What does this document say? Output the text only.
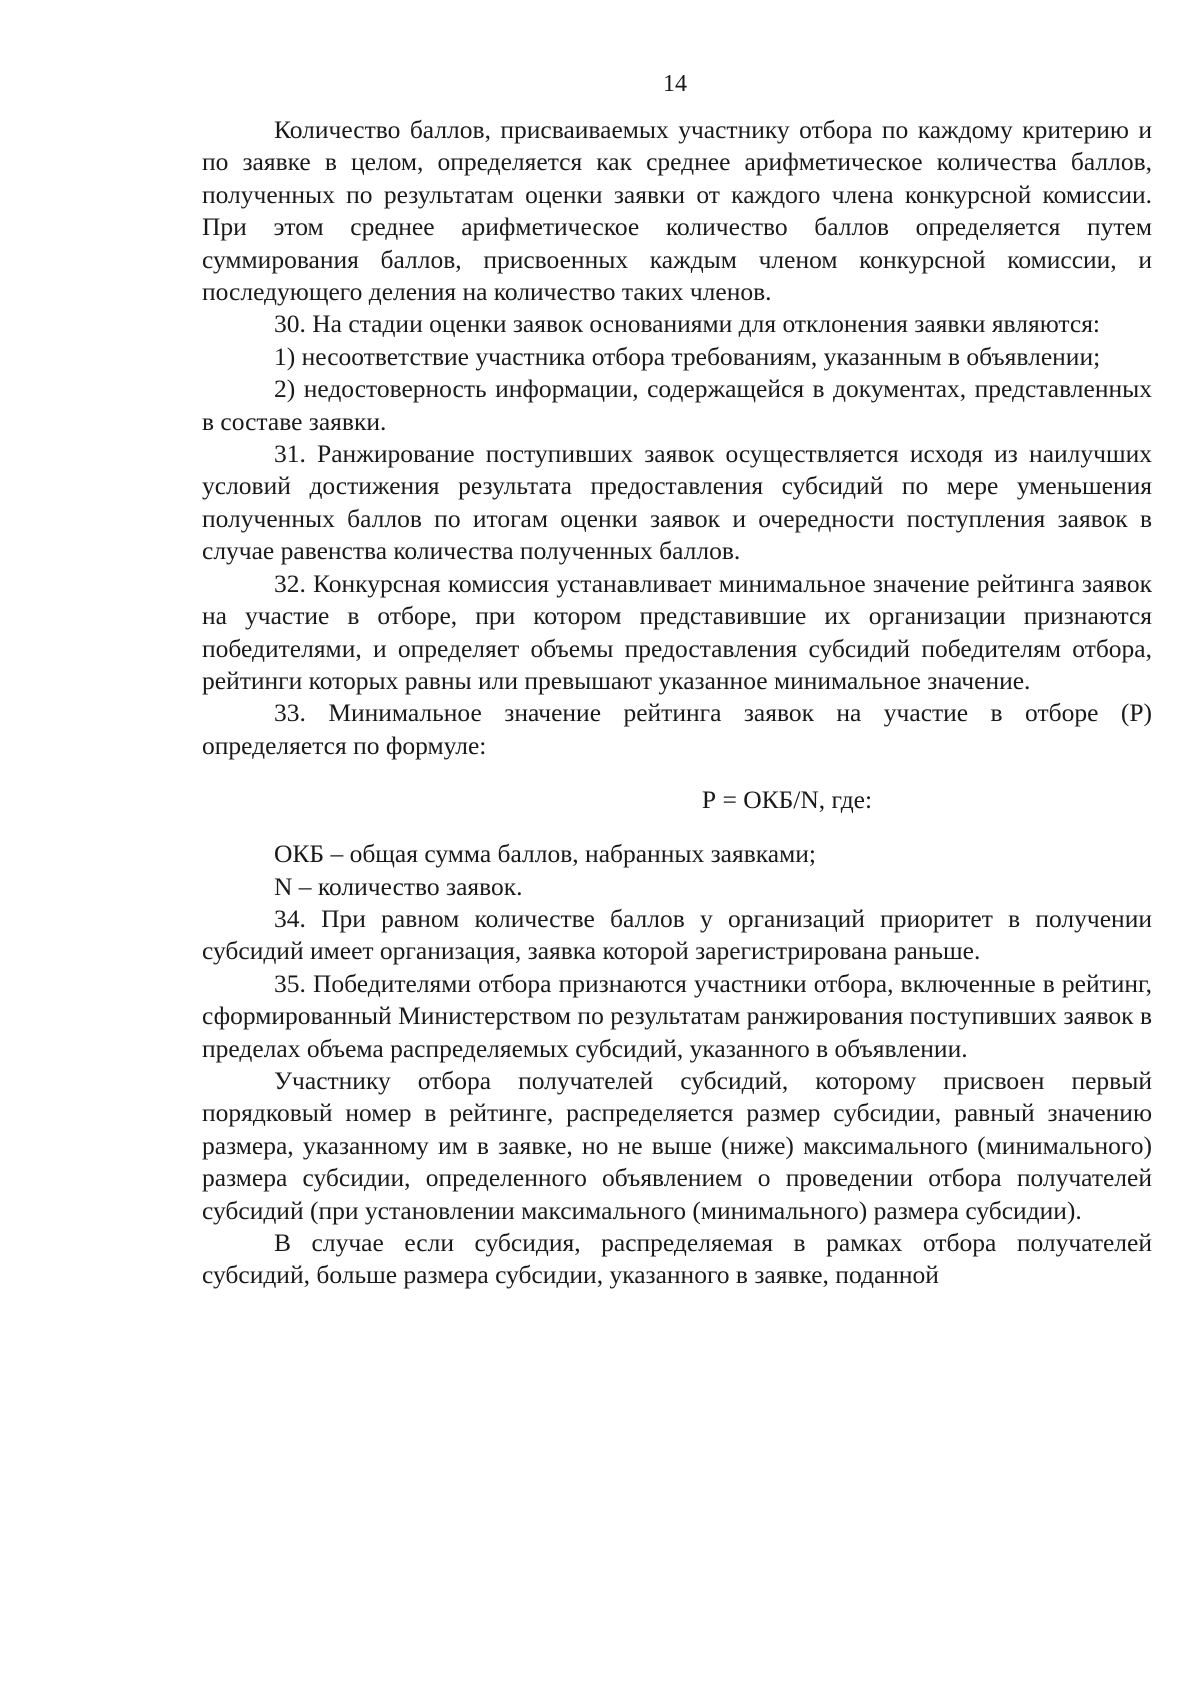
14

Количество баллов, присваиваемых участнику отбора по каждому критерию и по заявке в целом, определяется как среднее арифметическое количества баллов, полученных по результатам оценки заявки от каждого члена конкурсной комиссии. При этом среднее арифметическое количество баллов определяется путем суммирования баллов, присвоенных каждым членом конкурсной комиссии, и последующего деления на количество таких членов.

30. На стадии оценки заявок основаниями для отклонения заявки являются:

1) несоответствие участника отбора требованиям, указанным в объявлении;

2) недостоверность информации, содержащейся в документах, представленных в составе заявки.

31. Ранжирование поступивших заявок осуществляется исходя из наилучших условий достижения результата предоставления субсидий по мере уменьшения полученных баллов по итогам оценки заявок и очередности поступления заявок в случае равенства количества полученных баллов.

32. Конкурсная комиссия устанавливает минимальное значение рейтинга заявок на участие в отборе, при котором представившие их организации признаются победителями, и определяет объемы предоставления субсидий победителям отбора, рейтинги которых равны или превышают указанное минимальное значение.

33. Минимальное значение рейтинга заявок на участие в отборе (Р) определяется по формуле:

Р = ОКБ/N, где:

ОКБ – общая сумма баллов, набранных заявками;

N – количество заявок.

34. При равном количестве баллов у организаций приоритет в получении субсидий имеет организация, заявка которой зарегистрирована раньше.

35. Победителями отбора признаются участники отбора, включенные в рейтинг, сформированный Министерством по результатам ранжирования поступивших заявок в пределах объема распределяемых субсидий, указанного в объявлении.

Участнику отбора получателей субсидий, которому присвоен первый порядковый номер в рейтинге, распределяется размер субсидии, равный значению размера, указанному им в заявке, но не выше (ниже) максимального (минимального) размера субсидии, определенного объявлением о проведении отбора получателей субсидий (при установлении максимального (минимального) размера субсидии).

В случае если субсидия, распределяемая в рамках отбора получателей субсидий, больше размера субсидии, указанного в заявке, поданной
